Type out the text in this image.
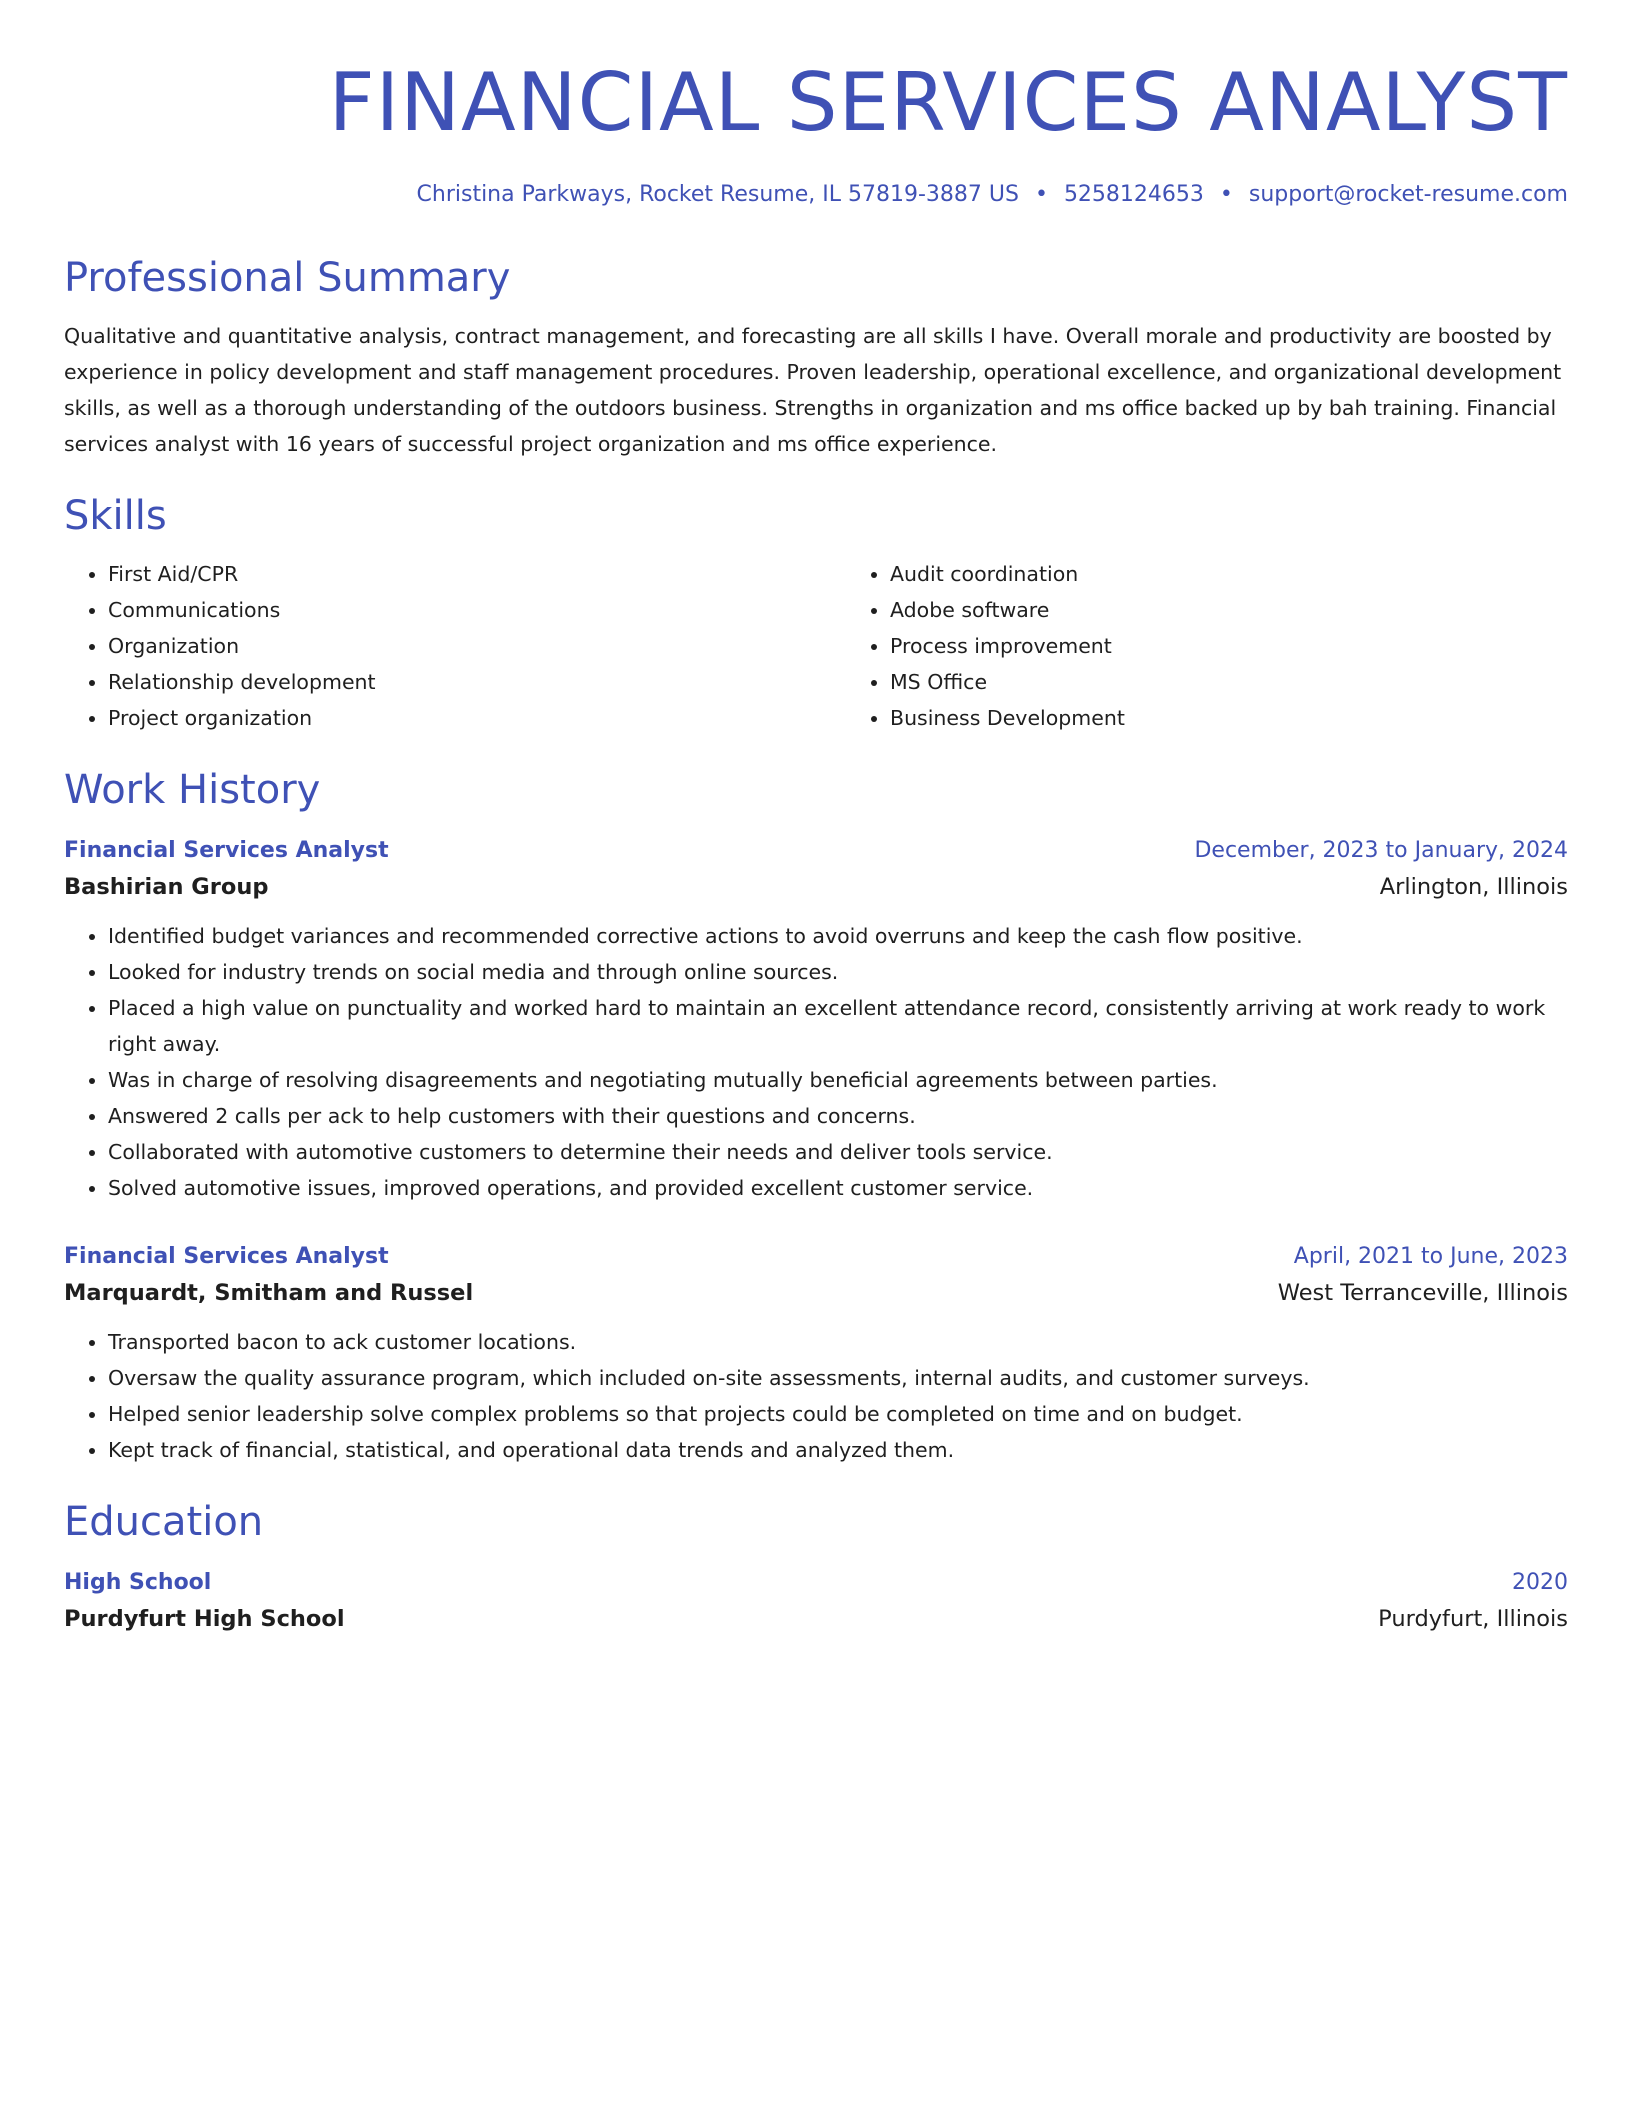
FINANCIAL SERVICES ANALYST
Christina Parkways, Rocket Resume, IL 57819-3887 US • 5258124653 • support@rocket-resume.com
Professional Summary

Qualitative and quantitative analysis, contract management, and forecasting are all skills I have. Overall morale and productivity are boosted by experience in policy development and staff management procedures. Proven leadership, operational excellence, and organizational development skills, as well as a thorough understanding of the outdoors business. Strengths in organization and ms office backed up by bah training. Financial services analyst with 16 years of successful project organization and ms office experience.

Skills
• First Aid/CPR
• Communications
• Organization
• Relationship development
• Project organization
• Audit coordination
• Adobe software
• Process improvement
• MS Office
• Business Development
Work History
Financial Services Analyst	December, 2023 to January, 2024
Bashirian Group	Arlington, Illinois
• Identified budget variances and recommended corrective actions to avoid overruns and keep the cash flow positive.
• Looked for industry trends on social media and through online sources.
• Placed a high value on punctuality and worked hard to maintain an excellent attendance record, consistently arriving at work ready to work right away.
• Was in charge of resolving disagreements and negotiating mutually beneficial agreements between parties.
• Answered 2 calls per ack to help customers with their questions and concerns.
• Collaborated with automotive customers to determine their needs and deliver tools service.
• Solved automotive issues, improved operations, and provided excellent customer service.
Financial Services Analyst	April, 2021 to June, 2023
Marquardt, Smitham and Russel	West Terranceville, Illinois
• Transported bacon to ack customer locations.
• Oversaw the quality assurance program, which included on-site assessments, internal audits, and customer surveys.
• Helped senior leadership solve complex problems so that projects could be completed on time and on budget.
• Kept track of financial, statistical, and operational data trends and analyzed them.
Education
High School	2020
Purdyfurt High School	Purdyfurt, Illinois
